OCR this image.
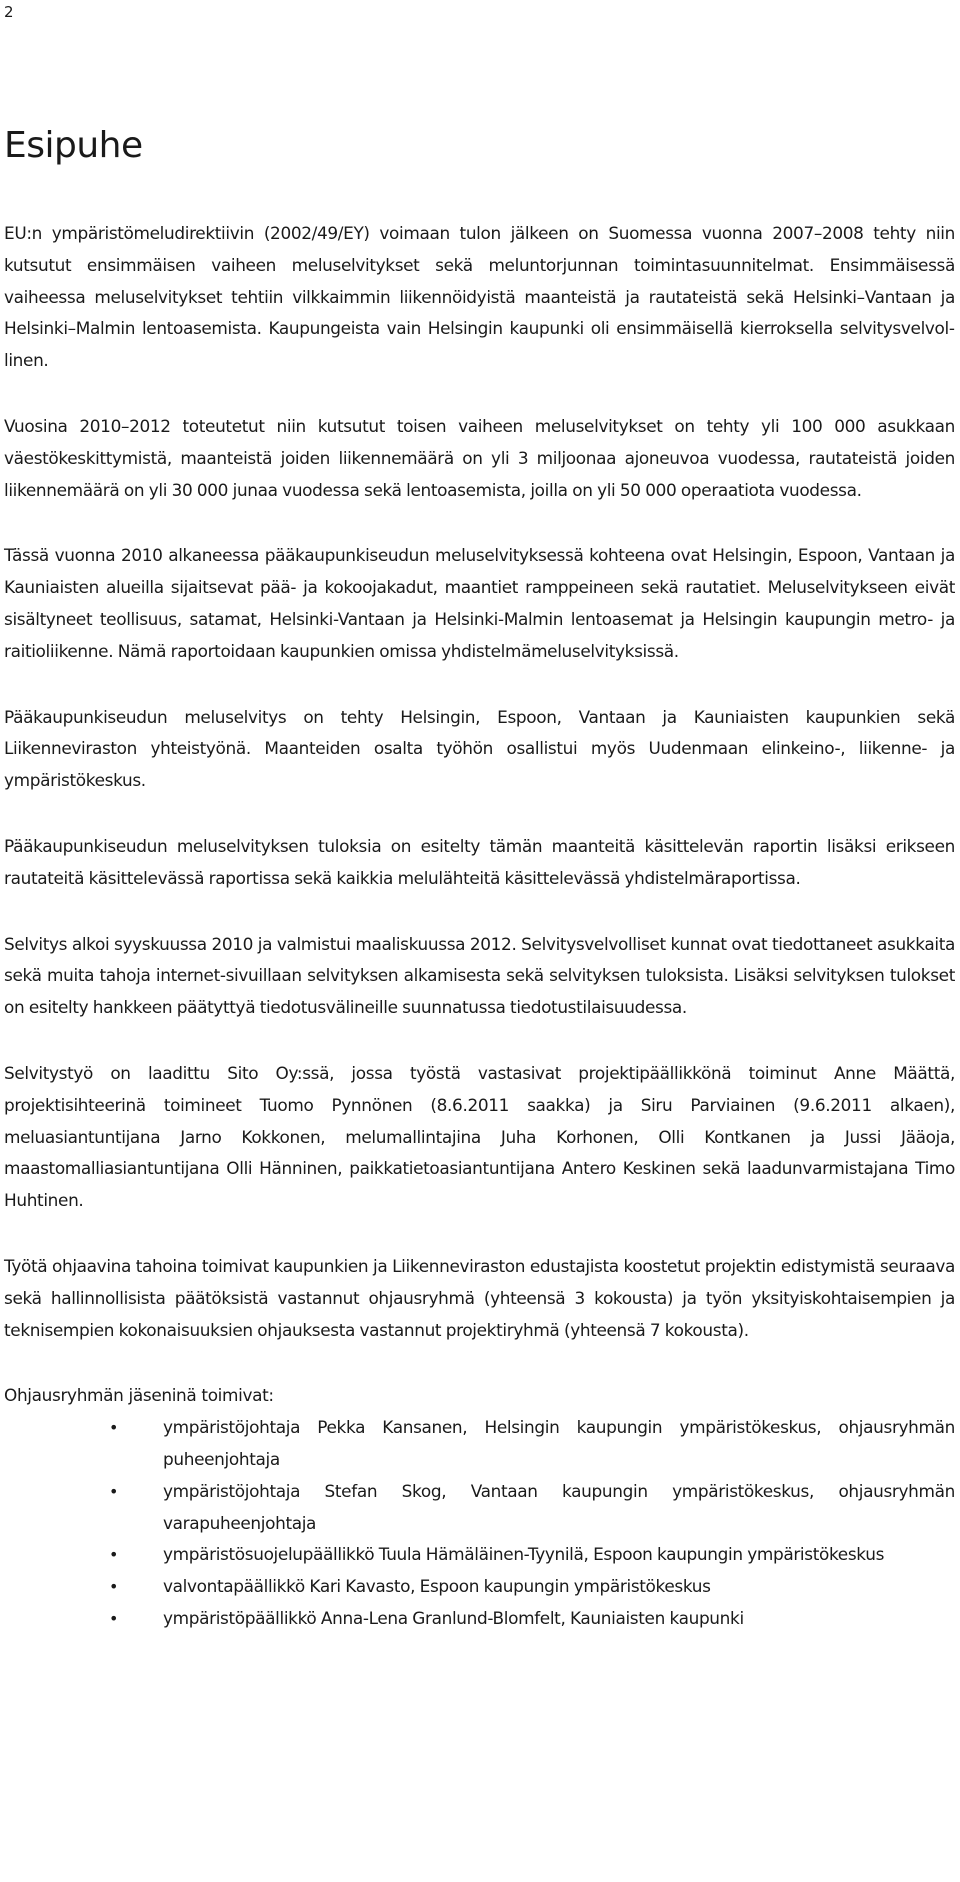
2

Esipuhe

EU:n ympäristömeludirektiivin (2002/49/EY) voimaan tulon jälkeen on Suomessa vuonna 2007–2008 tehty niin kutsutut ensimmäisen vaiheen meluselvitykset sekä meluntorjunnan toimintasuunnitelmat. Ensimmäisessä vaiheessa meluselvitykset tehtiin vilkkaimmin liikennöidyistä maanteistä ja rautateistä sekä Helsinki–Vantaan ja Helsinki–Malmin lentoasemista. Kaupungeista vain Helsingin kaupunki oli ensimmäisellä kierroksella selvitysvelvollinen.

Vuosina 2010–2012 toteutetut niin kutsutut toisen vaiheen meluselvitykset on tehty yli 100 000 asukkaan väestökeskittymistä, maanteistä joiden liikennemäärä on yli 3 miljoonaa ajoneuvoa vuodessa, rautateistä joiden liikennemäärä on yli 30 000 junaa vuodessa sekä lentoasemista, joilla on yli 50 000 operaatiota vuodessa.

Tässä vuonna 2010 alkaneessa pääkaupunkiseudun meluselvityksessä kohteena ovat Helsingin, Espoon, Vantaan ja Kauniaisten alueilla sijaitsevat pää- ja kokoojakadut, maantiet ramppeineen sekä rautatiet. Meluselvitykseen eivät sisältyneet teollisuus, satamat, Helsinki-Vantaan ja Helsinki-Malmin lentoasemat ja Helsingin kaupungin metro- ja raitioliikenne. Nämä raportoidaan kaupunkien omissa yhdistelmämeluselvityksissä.

Pääkaupunkiseudun meluselvitys on tehty Helsingin, Espoon, Vantaan ja Kauniaisten kaupunkien sekä Liikenneviraston yhteistyönä. Maanteiden osalta työhön osallistui myös Uudenmaan elinkeino-, liikenne- ja ympäristökeskus.

Pääkaupunkiseudun meluselvityksen tuloksia on esitelty tämän maanteitä käsittelevän raportin lisäksi erikseen rautateitä käsittelevässä raportissa sekä kaikkia melulähteitä käsittelevässä yhdistelmäraportissa.

Selvitys alkoi syyskuussa 2010 ja valmistui maaliskuussa 2012. Selvitysvelvolliset kunnat ovat tiedottaneet asukkaita sekä muita tahoja internet-sivuillaan selvityksen alkamisesta sekä selvityksen tuloksista. Lisäksi selvityksen tulokset on esitelty hankkeen päätyttyä tiedotusvälineille suunnatussa tiedotustilaisuudessa.

Selvitystyö on laadittu Sito Oy:ssä, jossa työstä vastasivat projektipäällikkönä toiminut Anne Määttä, projektisihteerinä toimineet Tuomo Pynnönen (8.6.2011 saakka) ja Siru Parviainen (9.6.2011 alkaen), meluasiantuntijana Jarno Kokkonen, melumallintajina Juha Korhonen, Olli Kontkanen ja Jussi Jääoja, maastomalliasiantuntijana Olli Hänninen, paikkatietoasiantuntijana Antero Keskinen sekä laadunvarmistajana Timo Huhtinen.

Työtä ohjaavina tahoina toimivat kaupunkien ja Liikenneviraston edustajista koostetut projektin edistymistä seuraava sekä hallinnollisista päätöksistä vastannut ohjausryhmä (yhteensä 3 kokousta) ja työn yksityiskohtaisempien ja teknisempien kokonaisuuksien ohjauksesta vastannut projektiryhmä (yhteensä 7 kokousta).

Ohjausryhmän jäseninä toimivat:

•	ympäristöjohtaja Pekka Kansanen, Helsingin kaupungin ympäristökeskus, ohjausryhmän puheenjohtaja
•	ympäristöjohtaja Stefan Skog, Vantaan kaupungin ympäristökeskus, ohjausryhmän varapuheenjohtaja
•	ympäristösuojelupäällikkö Tuula Hämäläinen-Tyynilä, Espoon kaupungin ympäristökeskus
•	valvontapäällikkö Kari Kavasto, Espoon kaupungin ympäristökeskus
•	ympäristöpäällikkö Anna-Lena Granlund-Blomfelt, Kauniaisten kaupunki
